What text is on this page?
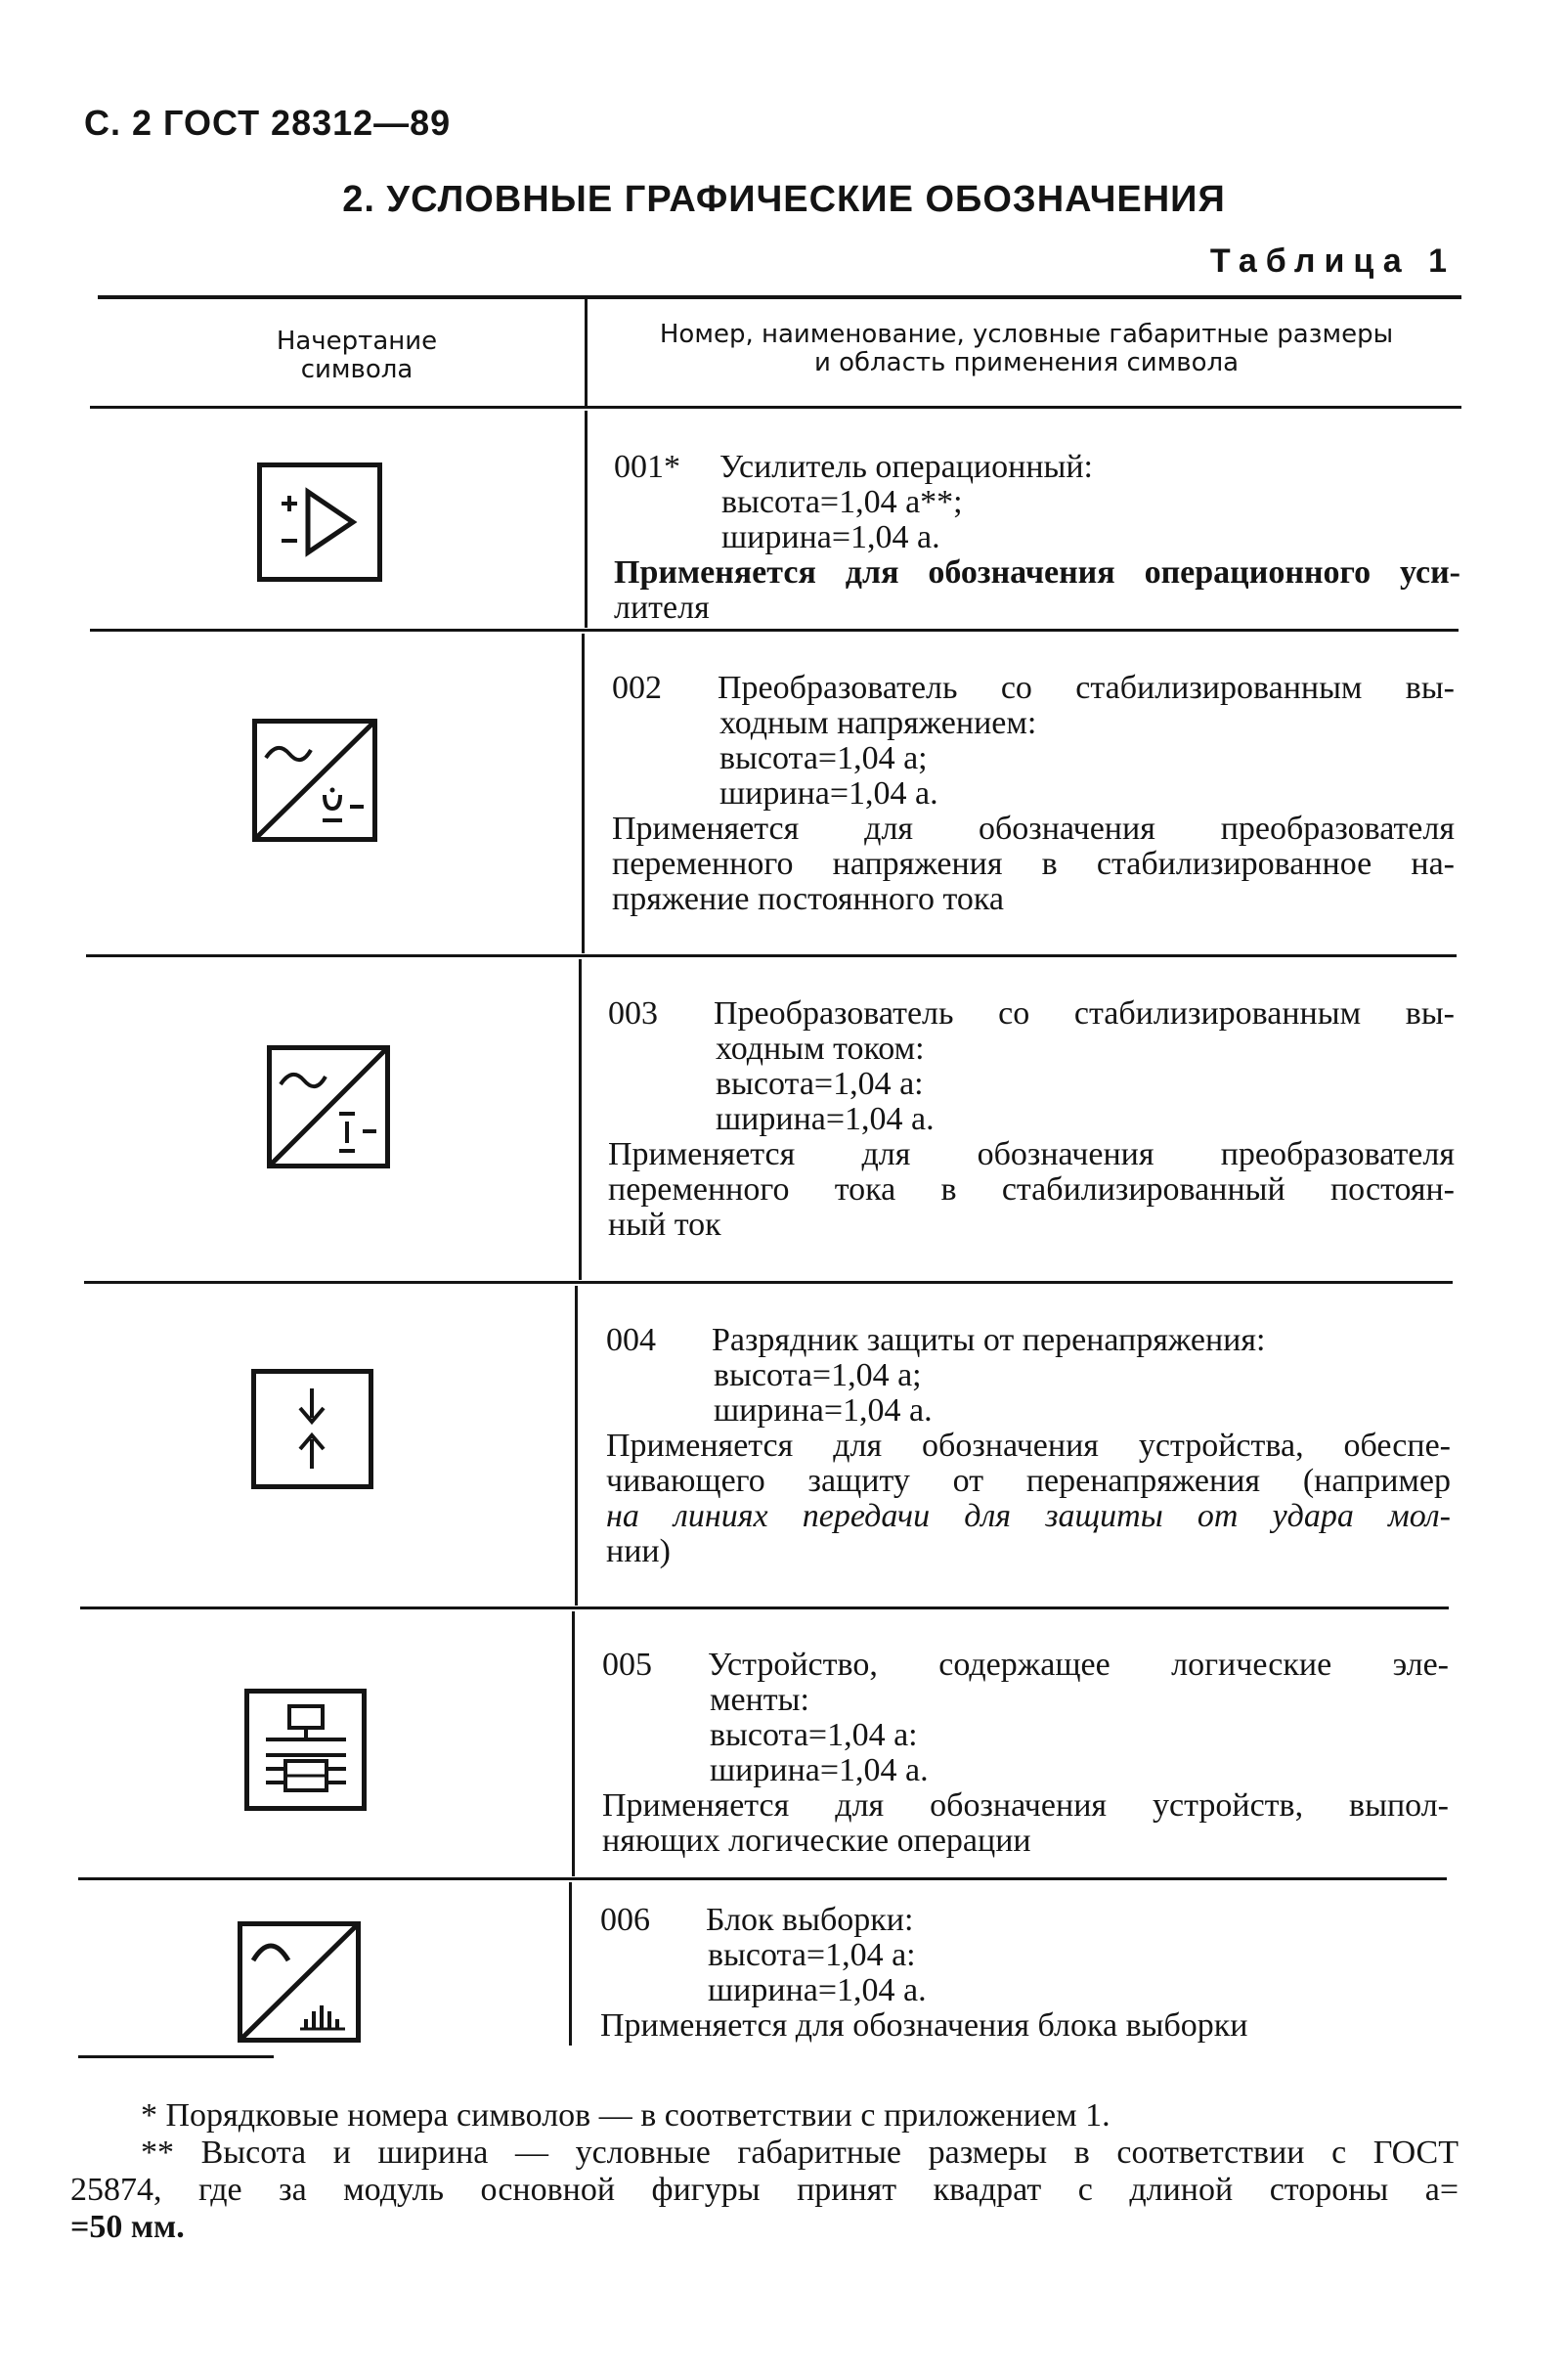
С. 2 ГОСТ 28312—89
2. УСЛОВНЫЕ ГРАФИЧЕСКИЕ ОБОЗНАЧЕНИЯ
Таблица 1
Начертание
символа
Номер, наименование, условные габаритные размеры
и область применения символа
001* Усилитель операционный:
высота=1,04 a**;
ширина=1,04 a.
Применяется для обозначения операционного уси-
лителя
002 Преобразователь со стабилизированным вы-
ходным напряжением:
высота=1,04 a;
ширина=1,04 a.
Применяется для обозначения преобразователя
переменного напряжения в стабилизированное на-
пряжение постоянного тока
003 Преобразователь со стабилизированным вы-
ходным током:
высота=1,04 a:
ширина=1,04 a.
Применяется для обозначения преобразователя
переменного тока в стабилизированный постоян-
ный ток
004 Разрядник защиты от перенапряжения:
высота=1,04 a;
ширина=1,04 a.
Применяется для обозначения устройства, обеспе-
чивающего защиту от перенапряжения (например
на линиях передачи для защиты от удара мол-
нии)
005 Устройство, содержащее логические эле-
менты:
высота=1,04 a:
ширина=1,04 a.
Применяется для обозначения устройств, выпол-
няющих логические операции
006 Блок выборки:
высота=1,04 a:
ширина=1,04 a.
Применяется для обозначения блока выборки
* Порядковые номера символов — в соответствии с приложением 1.
** Высота и ширина — условные габаритные размеры в соответствии с ГОСТ
25874, где за модуль основной фигуры принят квадрат с длиной стороны a=
=50 мм.
